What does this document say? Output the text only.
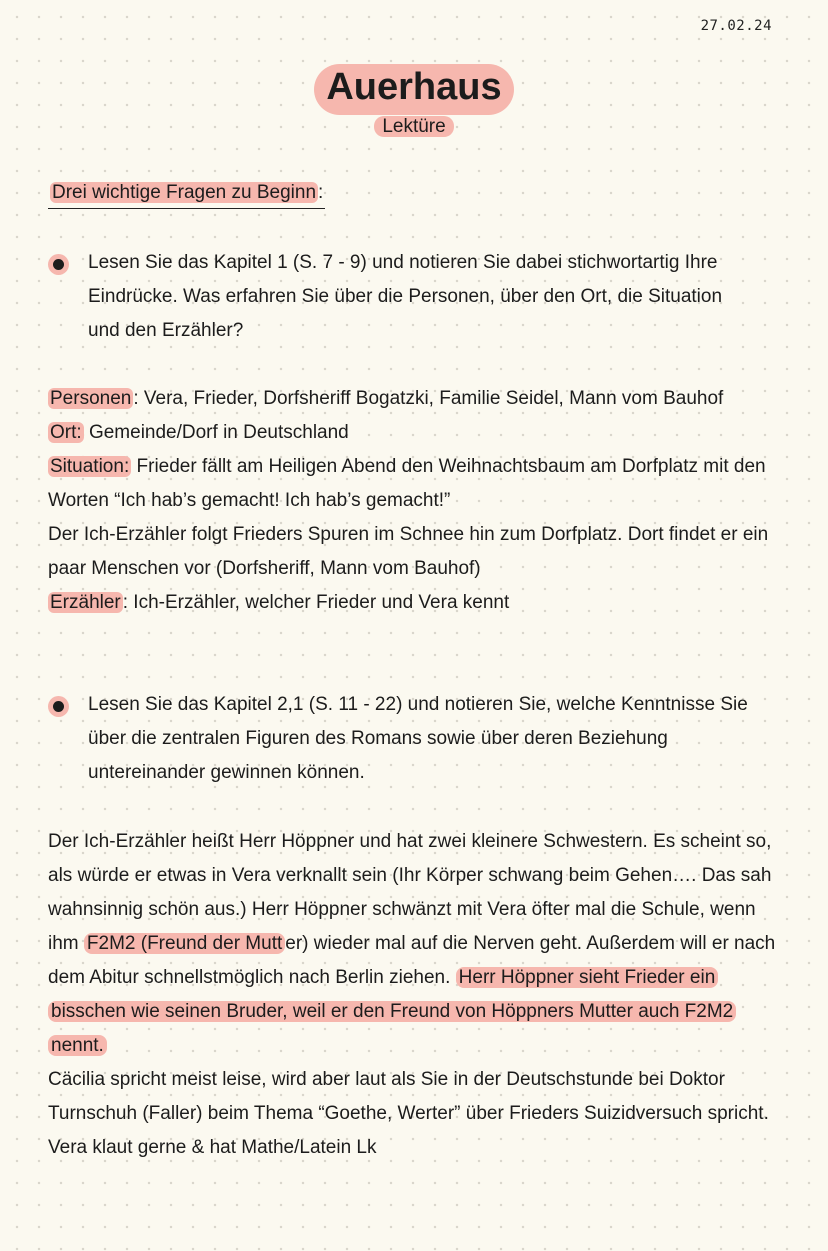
27.02.24
Auerhaus
Lektüre
Drei wichtige Fragen zu Beginn :

Lesen Sie das Kapitel 1 (S. 7 - 9) und notieren Sie dabei stichwortartig Ihre Eindrücke. Was erfahren Sie über die Personen, über den Ort, die Situation und den Erzähler?

Personen : Vera, Frieder, Dorfsheriff Bogatzki, Familie Seidel, Mann vom Bauhof

Ort: Gemeinde/Dorf in Deutschland

Situation: Frieder fällt am Heiligen Abend den Weihnachtsbaum am Dorfplatz mit den Worten “Ich hab’s gemacht! Ich hab’s gemacht!”

Der Ich-Erzähler folgt Frieders Spuren im Schnee hin zum Dorfplatz. Dort findet er ein paar Menschen vor (Dorfsheriff, Mann vom Bauhof)

Erzähler : Ich-Erzähler, welcher Frieder und Vera kennt

Lesen Sie das Kapitel 2,1 (S. 11 - 22) und notieren Sie, welche Kenntnisse Sie über die zentralen Figuren des Romans sowie über deren Beziehung untereinander gewinnen können.

Der Ich-Erzähler heißt Herr Höppner und hat zwei kleinere Schwestern. Es scheint so, als würde er etwas in Vera verknallt sein (Ihr Körper schwang beim Gehen…. Das sah wahnsinnig schön aus.) Herr Höppner schwänzt mit Vera öfter mal die Schule, wenn ihm F2M2 (Freund der Mutt er) wieder mal auf die Nerven geht. Außerdem will er nach dem Abitur schnellstmöglich nach Berlin ziehen. Herr Höppner sieht Frieder ein bisschen wie seinen Bruder, weil er den Freund von Höppners Mutter auch F2M2 nennt.

Cäcilia spricht meist leise, wird aber laut als Sie in der Deutschstunde bei Doktor Turnschuh (Faller) beim Thema “Goethe, Werter” über Frieders Suizidversuch spricht. Vera klaut gerne & hat Mathe/Latein Lk
